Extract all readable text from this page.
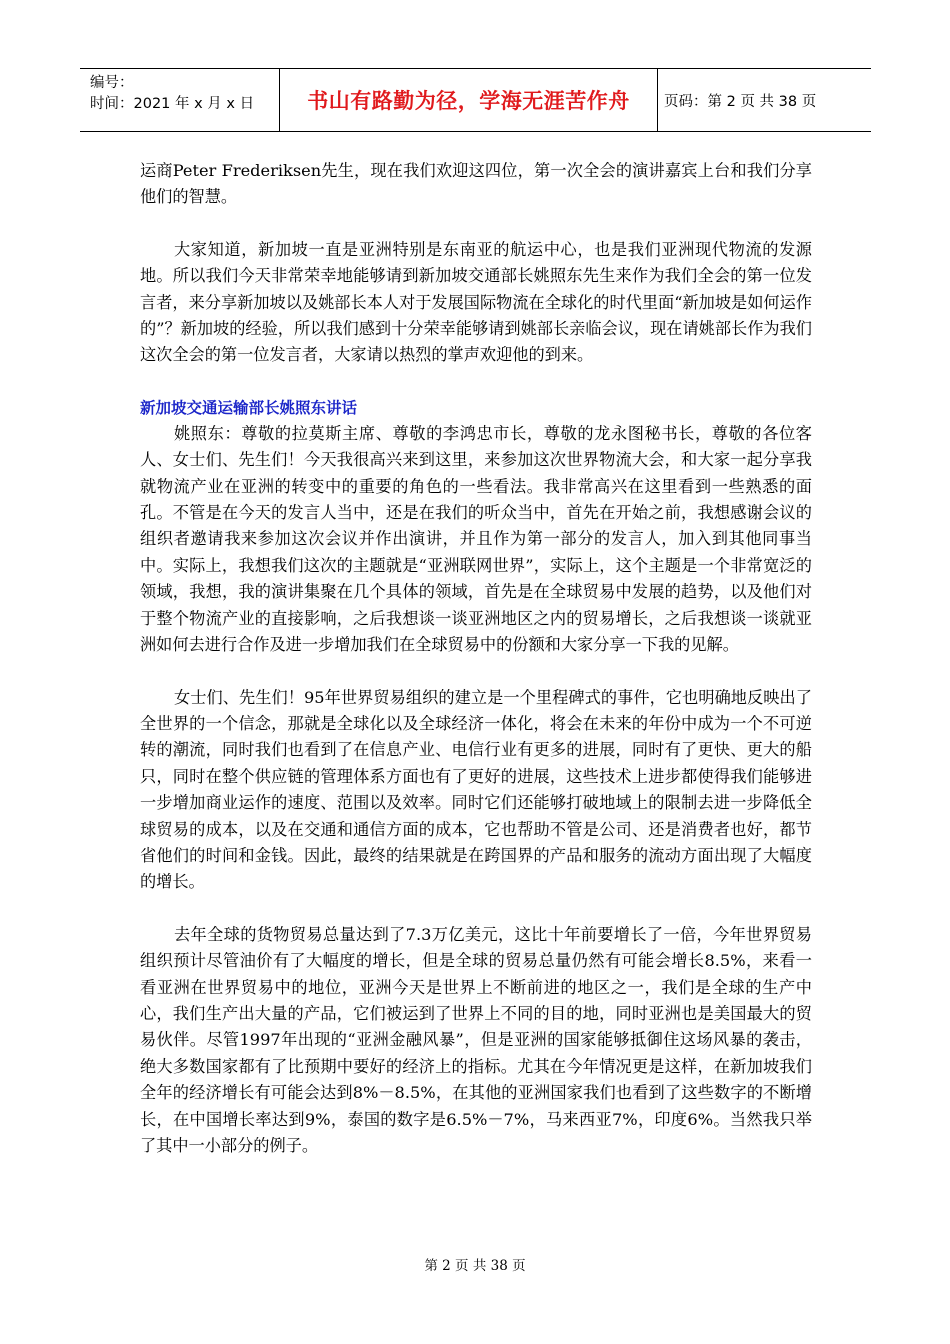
编号：
时间：2021 年 x 月 x 日	书山有路勤为径，学海无涯苦作舟	页码：第 2 页 共 38 页

运商Peter Frederiksen先生，现在我们欢迎这四位，第一次全会的演讲嘉宾上台和我们分享他们的智慧。

大家知道，新加坡一直是亚洲特别是东南亚的航运中心，也是我们亚洲现代物流的发源地。所以我们今天非常荣幸地能够请到新加坡交通部长姚照东先生来作为我们全会的第一位发言者，来分享新加坡以及姚部长本人对于发展国际物流在全球化的时代里面“新加坡是如何运作的”？新加坡的经验，所以我们感到十分荣幸能够请到姚部长亲临会议，现在请姚部长作为我们这次全会的第一位发言者，大家请以热烈的掌声欢迎他的到来。

新加坡交通运输部长姚照东讲话

姚照东：尊敬的拉莫斯主席、尊敬的李鸿忠市长，尊敬的龙永图秘书长，尊敬的各位客人、女士们、先生们！今天我很高兴来到这里，来参加这次世界物流大会，和大家一起分享我就物流产业在亚洲的转变中的重要的角色的一些看法。我非常高兴在这里看到一些熟悉的面孔。不管是在今天的发言人当中，还是在我们的听众当中，首先在开始之前，我想感谢会议的组织者邀请我来参加这次会议并作出演讲，并且作为第一部分的发言人，加入到其他同事当中。实际上，我想我们这次的主题就是“亚洲联网世界”，实际上，这个主题是一个非常宽泛的领域，我想，我的演讲集聚在几个具体的领域，首先是在全球贸易中发展的趋势，以及他们对于整个物流产业的直接影响，之后我想谈一谈亚洲地区之内的贸易增长，之后我想谈一谈就亚洲如何去进行合作及进一步增加我们在全球贸易中的份额和大家分享一下我的见解。

女士们、先生们！95年世界贸易组织的建立是一个里程碑式的事件，它也明确地反映出了全世界的一个信念，那就是全球化以及全球经济一体化，将会在未来的年份中成为一个不可逆转的潮流，同时我们也看到了在信息产业、电信行业有更多的进展，同时有了更快、更大的船只，同时在整个供应链的管理体系方面也有了更好的进展，这些技术上进步都使得我们能够进一步增加商业运作的速度、范围以及效率。同时它们还能够打破地域上的限制去进一步降低全球贸易的成本，以及在交通和通信方面的成本，它也帮助不管是公司、还是消费者也好，都节省他们的时间和金钱。因此，最终的结果就是在跨国界的产品和服务的流动方面出现了大幅度的增长。

去年全球的货物贸易总量达到了7.3万亿美元，这比十年前要增长了一倍，今年世界贸易组织预计尽管油价有了大幅度的增长，但是全球的贸易总量仍然有可能会增长8.5%，来看一看亚洲在世界贸易中的地位，亚洲今天是世界上不断前进的地区之一，我们是全球的生产中心，我们生产出大量的产品，它们被运到了世界上不同的目的地，同时亚洲也是美国最大的贸易伙伴。尽管1997年出现的“亚洲金融风暴”，但是亚洲的国家能够抵御住这场风暴的袭击，绝大多数国家都有了比预期中要好的经济上的指标。尤其在今年情况更是这样，在新加坡我们全年的经济增长有可能会达到8%－8.5%，在其他的亚洲国家我们也看到了这些数字的不断增长，在中国增长率达到9%，泰国的数字是6.5%－7%，马来西亚7%，印度6%。当然我只举了其中一小部分的例子。

第 2 页 共 38 页
